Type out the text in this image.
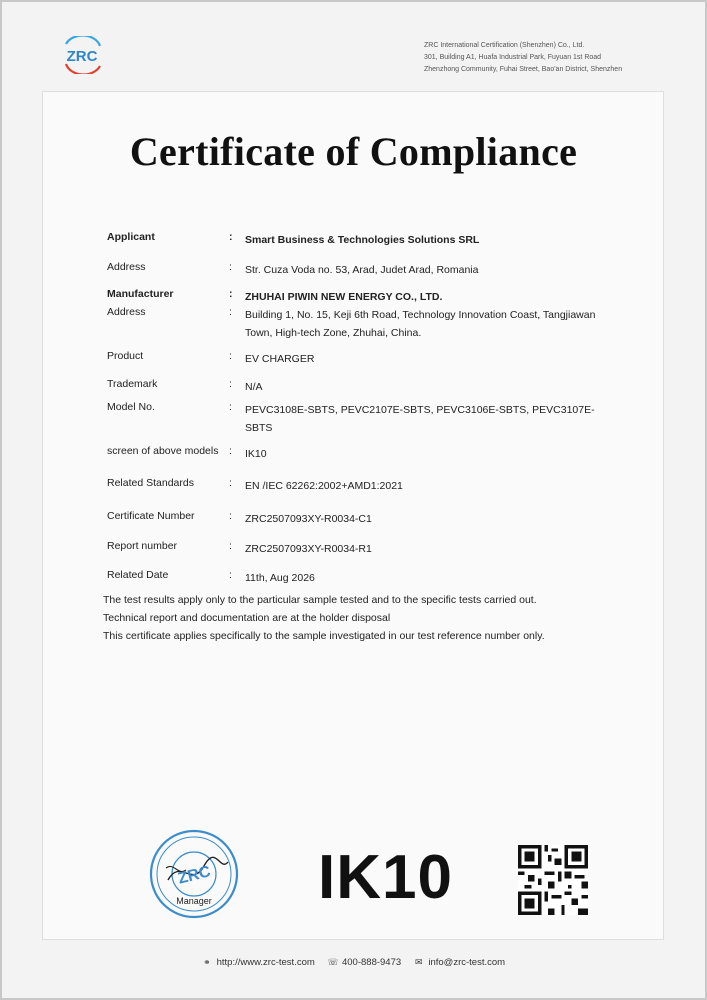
ZRC
ZRC International Certification (Shenzhen) Co., Ltd.
301, Building A1, Huafa Industrial Park, Fuyuan 1st Road
Zhenzhong Community, Fuhai Street, Bao'an District, Shenzhen
Certificate of Compliance
Applicant	: Smart Business & Technologies Solutions SRL
Address	: Str. Cuza Voda no. 53, Arad, Judet Arad, Romania
Manufacturer	: ZHUHAI PIWIN NEW ENERGY CO., LTD.
Address	: Building 1, No. 15, Keji 6th Road, Technology Innovation Coast, Tangjiawan Town, High-tech Zone, Zhuhai, China.
Product	: EV CHARGER
Trademark	: N/A
Model No.	: PEVC3108E-SBTS, PEVC2107E-SBTS, PEVC3106E-SBTS, PEVC3107E-SBTS
screen of above models	: IK10
Related Standards	: EN /IEC 62262:2002+AMD1:2021
Certificate Number	: ZRC2507093XY-R0034-C1
Report number	: ZRC2507093XY-R0034-R1
Related Date	: 11th, Aug 2026
The test results apply only to the particular sample tested and to the specific tests carried out.
Technical report and documentation are at the holder disposal
This certificate applies specifically to the sample investigated in our test reference number only.
ZRC
Manager IK10
⚭ http://www.zrc-test.com ☏ 400-888-9473 ✉ info@zrc-test.com
